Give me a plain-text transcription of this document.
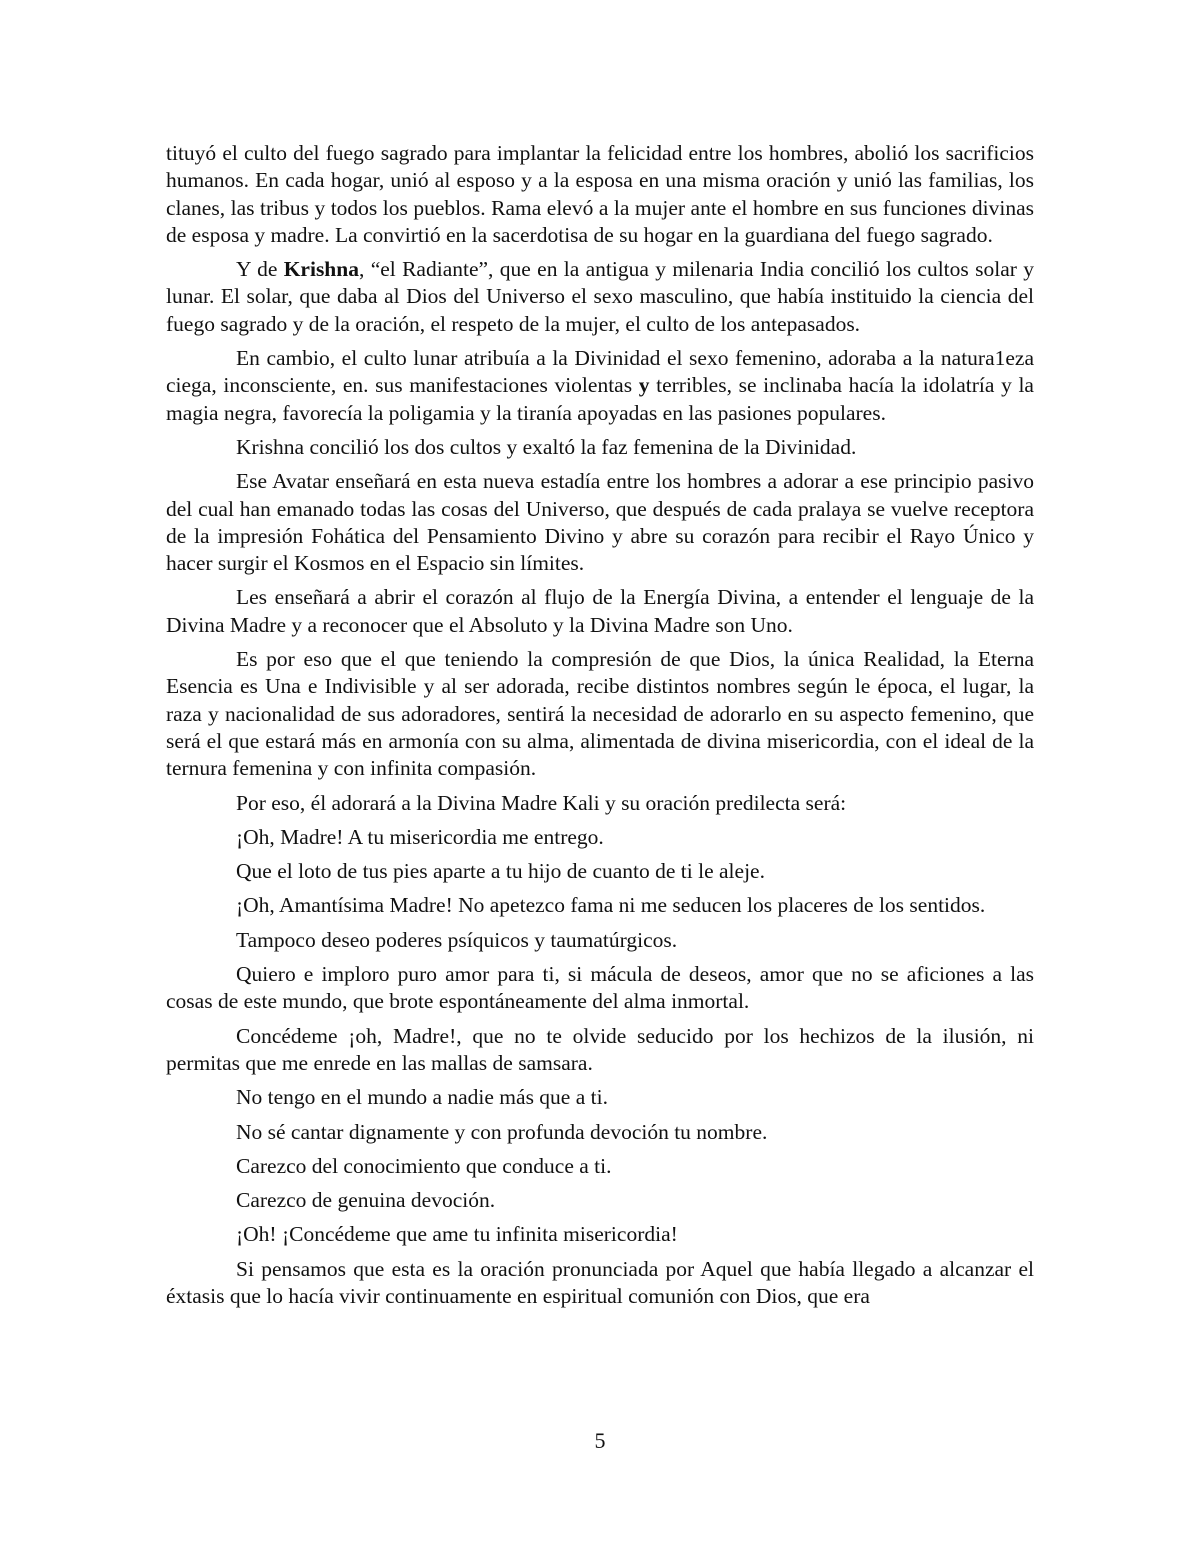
tituyó el culto del fuego sagrado para implantar la felicidad entre los hombres, abolió los sacrificios humanos. En cada hogar, unió al esposo y a la esposa en una misma oración y unió las familias, los clanes, las tribus y todos los pueblos. Rama elevó a la mujer ante el hombre en sus funciones divinas de esposa y madre. La convirtió en la sacerdotisa de su hogar en la guardiana del fuego sagrado.

Y de Krishna, “el Radiante”, que en la antigua y milenaria India concilió los cultos solar y lunar. El solar, que daba al Dios del Universo el sexo masculino, que había instituido la ciencia del fuego sagrado y de la oración, el respeto de la mujer, el culto de los antepasados.

En cambio, el culto lunar atribuía a la Divinidad el sexo femenino, adoraba a la natura1eza ciega, inconsciente, en. sus manifestaciones violentas y terribles, se inclinaba hacía la idolatría y la magia negra, favorecía la poligamia y la tiranía apoyadas en las pasiones populares.

Krishna concilió los dos cultos y exaltó la faz femenina de la Divinidad.

Ese Avatar enseñará en esta nueva estadía entre los hombres a adorar a ese principio pasivo del cual han emanado todas las cosas del Universo, que después de cada pralaya se vuelve receptora de la impresión Fohática del Pensamiento Divino y abre su corazón para recibir el Rayo Único y hacer surgir el Kosmos en el Espacio sin límites.

Les enseñará a abrir el corazón al flujo de la Energía Divina, a entender el lenguaje de la Divina Madre y a reconocer que el Absoluto y la Divina Madre son Uno.

Es por eso que el que teniendo la compresión de que Dios, la única Realidad, la Eterna Esencia es Una e Indivisible y al ser adorada, recibe distintos nombres según le época, el lugar, la raza y nacionalidad de sus adoradores, sentirá la necesidad de adorarlo en su aspecto femenino, que será el que estará más en armonía con su alma, alimentada de divina misericordia, con el ideal de la ternura femenina y con infinita compasión.

Por eso, él adorará a la Divina Madre Kali y su oración predilecta será:

¡Oh, Madre! A tu misericordia me entrego.

Que el loto de tus pies aparte a tu hijo de cuanto de ti le aleje.

¡Oh, Amantísima Madre! No apetezco fama ni me seducen los placeres de los sentidos.

Tampoco deseo poderes psíquicos y taumatúrgicos.

Quiero e imploro puro amor para ti, si mácula de deseos, amor que no se aficiones a las cosas de este mundo, que brote espontáneamente del alma inmortal.

Concédeme ¡oh, Madre!, que no te olvide seducido por los hechizos de la ilusión, ni permitas que me enrede en las mallas de samsara.

No tengo en el mundo a nadie más que a ti.

No sé cantar dignamente y con profunda devoción tu nombre.

Carezco del conocimiento que conduce a ti.

Carezco de genuina devoción.

¡Oh! ¡Concédeme que ame tu infinita misericordia!

Si pensamos que esta es la oración pronunciada por Aquel que había llegado a alcanzar el éxtasis que lo hacía vivir continuamente en espiritual comunión con Dios, que era

5
